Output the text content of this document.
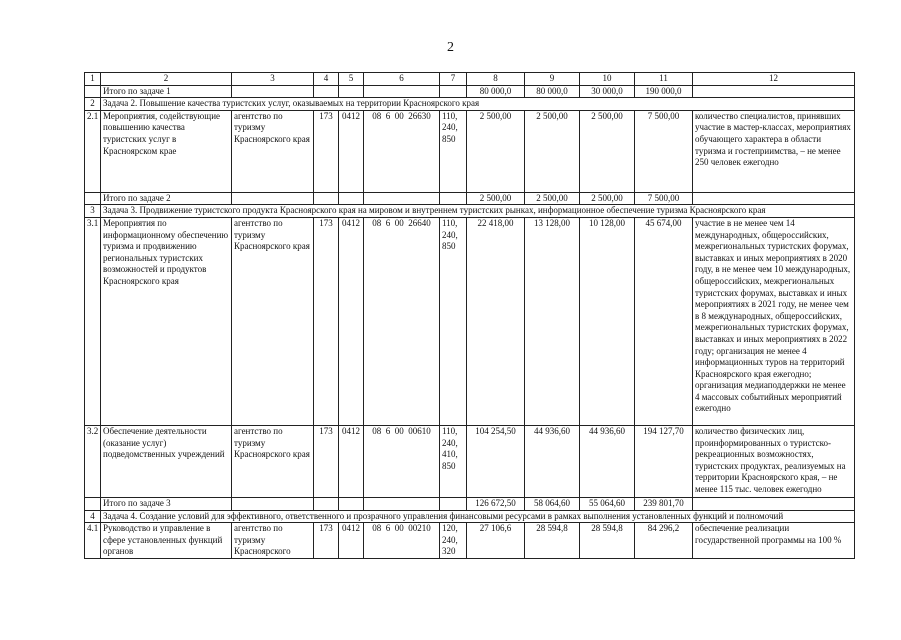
2
1	2	3	4	5	6	7	8	9	10	11	12
	Итого по задаче 1						80 000,0	80 000,0	30 000,0	190 000,0	
2	Задача 2. Повышение качества туристских услуг, оказываемых на территории Красноярского края										
2.1	Мероприятия, содействующие повышению качества туристских услуг в Красноярском крае	агентство по туризму Красноярского края	173	0412	08 6 00 26630	110, 240, 850	2 500,00	2 500,00	2 500,00	7 500,00	количество специалистов, принявших участие в мастер-классах, мероприятиях обучающего характера в области туризма и гостеприимства, – не менее 250 человек ежегодно
	Итого по задаче 2						2 500,00	2 500,00	2 500,00	7 500,00	
3	Задача 3. Продвижение туристского продукта Красноярского края на мировом и внутреннем туристских рынках, информационное обеспечение туризма Красноярского края										
3.1	Мероприятия по информационному обеспечению туризма и продвижению региональных туристских возможностей и продуктов Красноярского края	агентство по туризму Красноярского края	173	0412	08 6 00 26640	110, 240, 850	22 418,00	13 128,00	10 128,00	45 674,00	участие в не менее чем 14 международных, общероссийских, межрегиональных туристских форумах, выставках и иных мероприятиях в 2020 году, в не менее чем 10 международных, общероссийских, межрегиональных туристских форумах, выставках и иных мероприятиях в 2021 году, не менее чем в 8 международных, общероссийских, межрегиональных туристских форумах, выставках и иных мероприятиях в 2022 году; организация не менее 4 информационных туров на территорий Красноярского края ежегодно; организация медиаподдержки не менее 4 массовых событийных мероприятий ежегодно
3.2	Обеспечение деятельности (оказание услуг) подведомственных учреждений	агентство по туризму Красноярского края	173	0412	08 6 00 00610	110, 240, 410, 850	104 254,50	44 936,60	44 936,60	194 127,70	количество физических лиц, проинформированных о туристско-рекреационных возможностях, туристских продуктах, реализуемых на территории Красноярского края, – не менее 115 тыс. человек ежегодно
	Итого по задаче 3						126 672,50	58 064,60	55 064,60	239 801,70	
4	Задача 4. Создание условий для эффективного, ответственного и прозрачного управления финансовыми ресурсами в рамках выполнения установленных функций и полномочий										
4.1	Руководство и управление в сфере установленных функций органов	агентство по туризму Красноярского	173	0412	08 6 00 00210	120, 240, 320	27 106,6	28 594,8	28 594,8	84 296,2	обеспечение реализации государственной программы на 100 %
